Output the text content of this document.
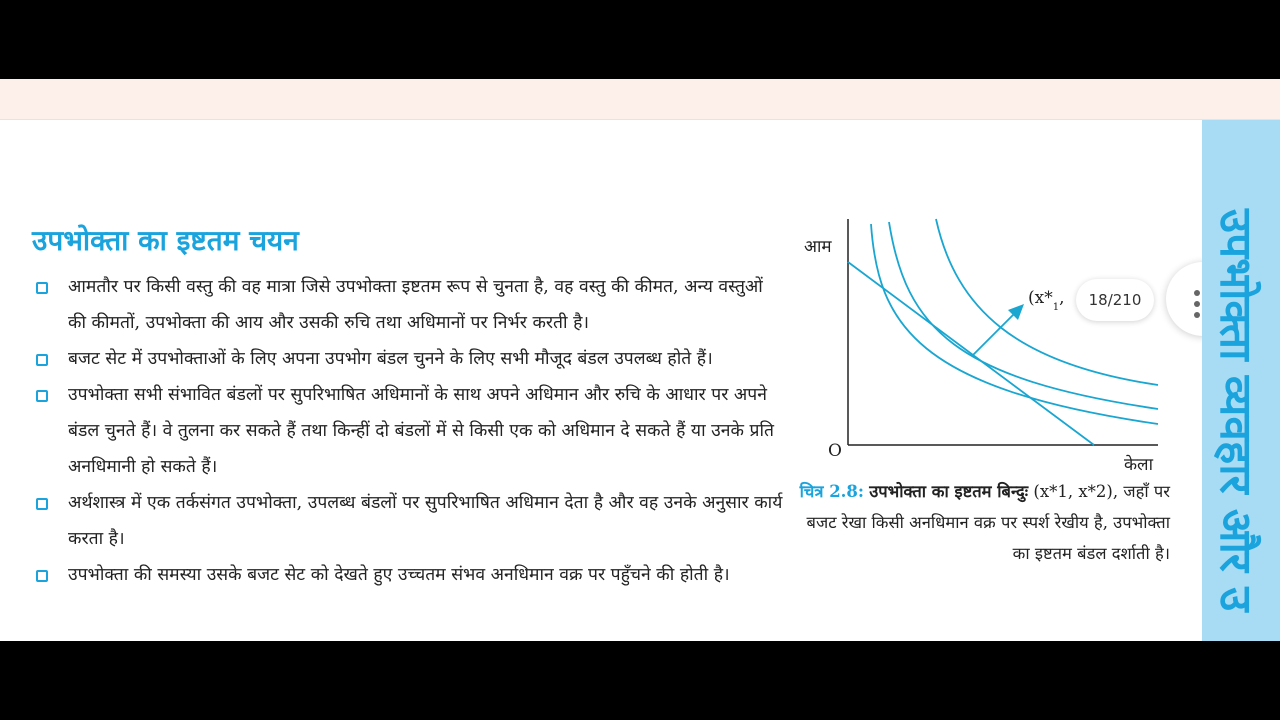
उपभोक्ता का इष्टतम चयन
आमतौर पर किसी वस्तु की वह मात्रा जिसे उपभोक्ता इष्टतम रूप से चुनता है, वह वस्तु की कीमत, अन्य वस्तुओं की कीमतों, उपभोक्ता की आय और उसकी रुचि तथा अधिमानों पर निर्भर करती है।
बजट सेट में उपभोक्ताओं के लिए अपना उपभोग बंडल चुनने के लिए सभी मौजूद बंडल उपलब्ध होते हैं।
उपभोक्ता सभी संभावित बंडलों पर सुपरिभाषित अधिमानों के साथ अपने अधिमान और रुचि के आधार पर अपने बंडल चुनते हैं। वे तुलना कर सकते हैं तथा किन्हीं दो बंडलों में से किसी एक को अधिमान दे सकते हैं या उनके प्रति अनधिमानी हो सकते हैं।
अर्थशास्त्र में एक तर्कसंगत उपभोक्ता, उपलब्ध बंडलों पर सुपरिभाषित अधिमान देता है और वह उनके अनुसार कार्य करता है।
उपभोक्ता की समस्या उसके बजट सेट को देखते हुए उच्चतम संभव अनधिमान वक्र पर पहुँचने की होती है।
आम
O
केला
($x*_1$,
चित्र 2.8: उपभोक्ता का इष्टतम बिन्दुः (x*1, x*2), जहाँ पर बजट रेखा किसी अनधिमान वक्र पर स्पर्श रेखीय है, उपभोक्ता का इष्टतम बंडल दर्शाती है।
18/210 उपभोक्ता व्यवहार और उ
